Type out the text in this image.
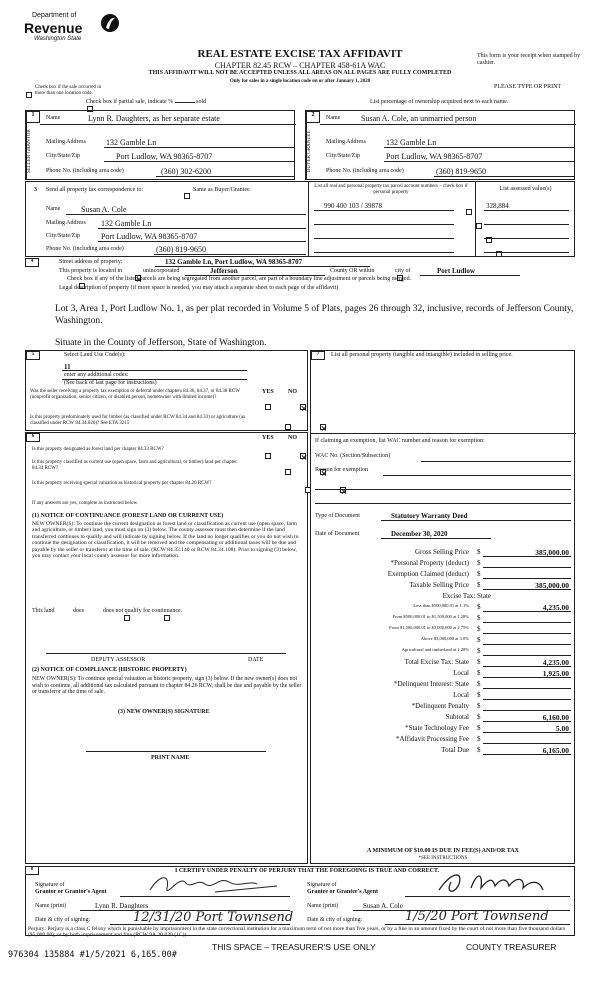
Department of
Revenue
Washington State
REAL ESTATE EXCISE TAX AFFIDAVIT
CHAPTER 82.45 RCW – CHAPTER 458-61A WAC
THIS AFFIDAVIT WILL NOT BE ACCEPTED UNLESS ALL AREAS ON ALL PAGES ARE FULLY COMPLETED
Only for sales in a single location code on or after January 1, 2020
This form is your receipt when stamped by cashier.
PLEASE TYPE OR PRINT

Check box if the sale occurred in more than one location code.
Check box if partial sale, indicate %	sold	List percentage of ownership acquired next to each name.
1
SELLER GRANTOR
Name	Lynn R. Daughters, as her separate estate
Mailing Address	132 Gamble Ln
City/State/Zip	Port Ludlow, WA 98365-8707
Phone No. (including area code)	(360) 302-6200
2
BUYER GRANTEE
Name	Susan A. Cole, an unmarried person
Mailing Address	132 Gamble Ln
City/State/Zip	Port Ludlow, WA 98365-8707
Phone No. (including area code)	(360) 819-9650
3 Send all property tax correspondence to:
	Same as Buyer/Grantee
Name	Susan A. Cole
Mailing Address 132 Gamble Ln
City/State/Zip	Port Ludlow, WA 98365-8707
Phone No. (including area code)	(360) 819-9650
List all real and personal property tax parcel account numbers – check box if personal property
List assessed value(s)
990 400 103 / 39878	328,884

4	Street address of property:	132 Gamble Ln, Port Ludlow, WA 98365-8707
This property is located in
	unincorporated	Jefferson	County OR within
	city of	Port Ludlow
Check box if any of the listed parcels are being segregated from another parcel, are part of a boundary line adjustment or parcels being merged.
Legal description of property (if more space is needed, you may attach a separate sheet to each page of the affidavit)
Lot 3, Area 1, Port Ludlow No. 1, as per plat recorded in Volume 5 of Plats, pages 26 through 32, inclusive, records of Jefferson County, Washington.
Situate in the County of Jefferson, State of Washington.
5	Select Land Use Code(s):
11
enter any additional codes:
(See back of last page for instructions)
Was the seller receiving a property tax exemption or deferral under chapters 84.36, 84.37, or 84.38 RCW (nonprofit organization, senior citizen, or disabled person, homeowner with limited income)?
YES NO

Is this property predominately used for timber (as classified under RCW 84.34 and 84.33) or agriculture (as classified under RCW 84.34.020)? See ETA 3215

6	YES NO
Is this property designated as forest land per chapter 84.33 RCW?

Is this property classified as current use (open space, farm and agricultural, or timber) land per chapter 84.34 RCW?

Is this property receiving special valuation as historical property per chapter 84.26 RCW?

If any answers are yes, complete as instructed below.
(1) NOTICE OF CONTINUANCE (FOREST LAND OR CURRENT USE)
NEW OWNER(S): To continue the current designation as forest land or classification as current use (open space, farm and agriculture, or timber) land, you must sign on (3) below. The county assessor must then determine if the land transferred continues to qualify and will indicate by signing below. If the land no longer qualifies or you do not wish to continue the designation or classification, it will be removed and the compensating or additional taxes will be due and payable by the seller or transferor at the time of sale. (RCW 84.33.140 or RCW 84.34.108). Prior to signing (3) below, you may contact your local county assessor for more information.
This land
	does	does not qualify for continuance.
DEPUTY ASSESSOR	DATE
(2) NOTICE OF COMPLIANCE (HISTORIC PROPERTY)
NEW OWNER(S): To continue special valuation as historic property, sign (3) below. If the new owner(s) does not wish to continue, all additional tax calculated pursuant to chapter 84.26 RCW, shall be due and payable by the seller or transferor at the time of sale.
(3) NEW OWNER(S) SIGNATURE
PRINT NAME
7	List all personal property (tangible and intangible) included in selling price.
If claiming an exemption, list WAC number and reason for exemption:
WAC No. (Section/Subsection)
Reason for exemption
Type of Document	Statutory Warranty Deed
Date of Document	December 30, 2020
Gross Selling Price $	385,000.00
*Personal Property (deduct) $
Exemption Claimed (deduct) $
Taxable Selling Price $	385,000.00
Excise Tax: State
Less than $500,000.01 at 1.1% $	4,235.00
From $500,000.01 to $1,500,000 at 1.28% $
From $1,500,000.01 to $3,000,000 at 2.75% $
Above $3,000,000 at 3.0% $
Agricultural and timberland at 1.28% $
Total Excise Tax: State $	4,235.00
Local $	1,925.00
*Delinquent Interest: State $
Local $
*Delinquent Penalty $
Subtotal $	6,160.00
*State Technology Fee $	5.00
*Affidavit Processing Fee $
Total Due $	6,165.00
A MINIMUM OF $10.00 IS DUE IN FEE(S) AND/OR TAX
*SEE INSTRUCTIONS
8	I CERTIFY UNDER PENALTY OF PERJURY THAT THE FOREGOING IS TRUE AND CORRECT.
Signature of
Grantor or Grantor's Agent
Signature of
Grantee or Grantee's Agent
Name (print)	Lynn R. Daughters	Name (print)	Susan A. Cole
Date & city of signing:	12/31/20 Port Townsend Date & city of signing:	1/5/20 Port Townsend
Perjury: Perjury is a class C felony which is punishable by imprisonment in the state correctional institution for a maximum term of not more than five years, or by a fine in an amount fixed by the court of not more than five thousand dollars ($5,000.00), or by both imprisonment and fine (RCW 9A.20.020 (1C)).
976304 135884 #1/5/2021 6,165.00#
THIS SPACE – TREASURER'S USE ONLY	COUNTY TREASURER
